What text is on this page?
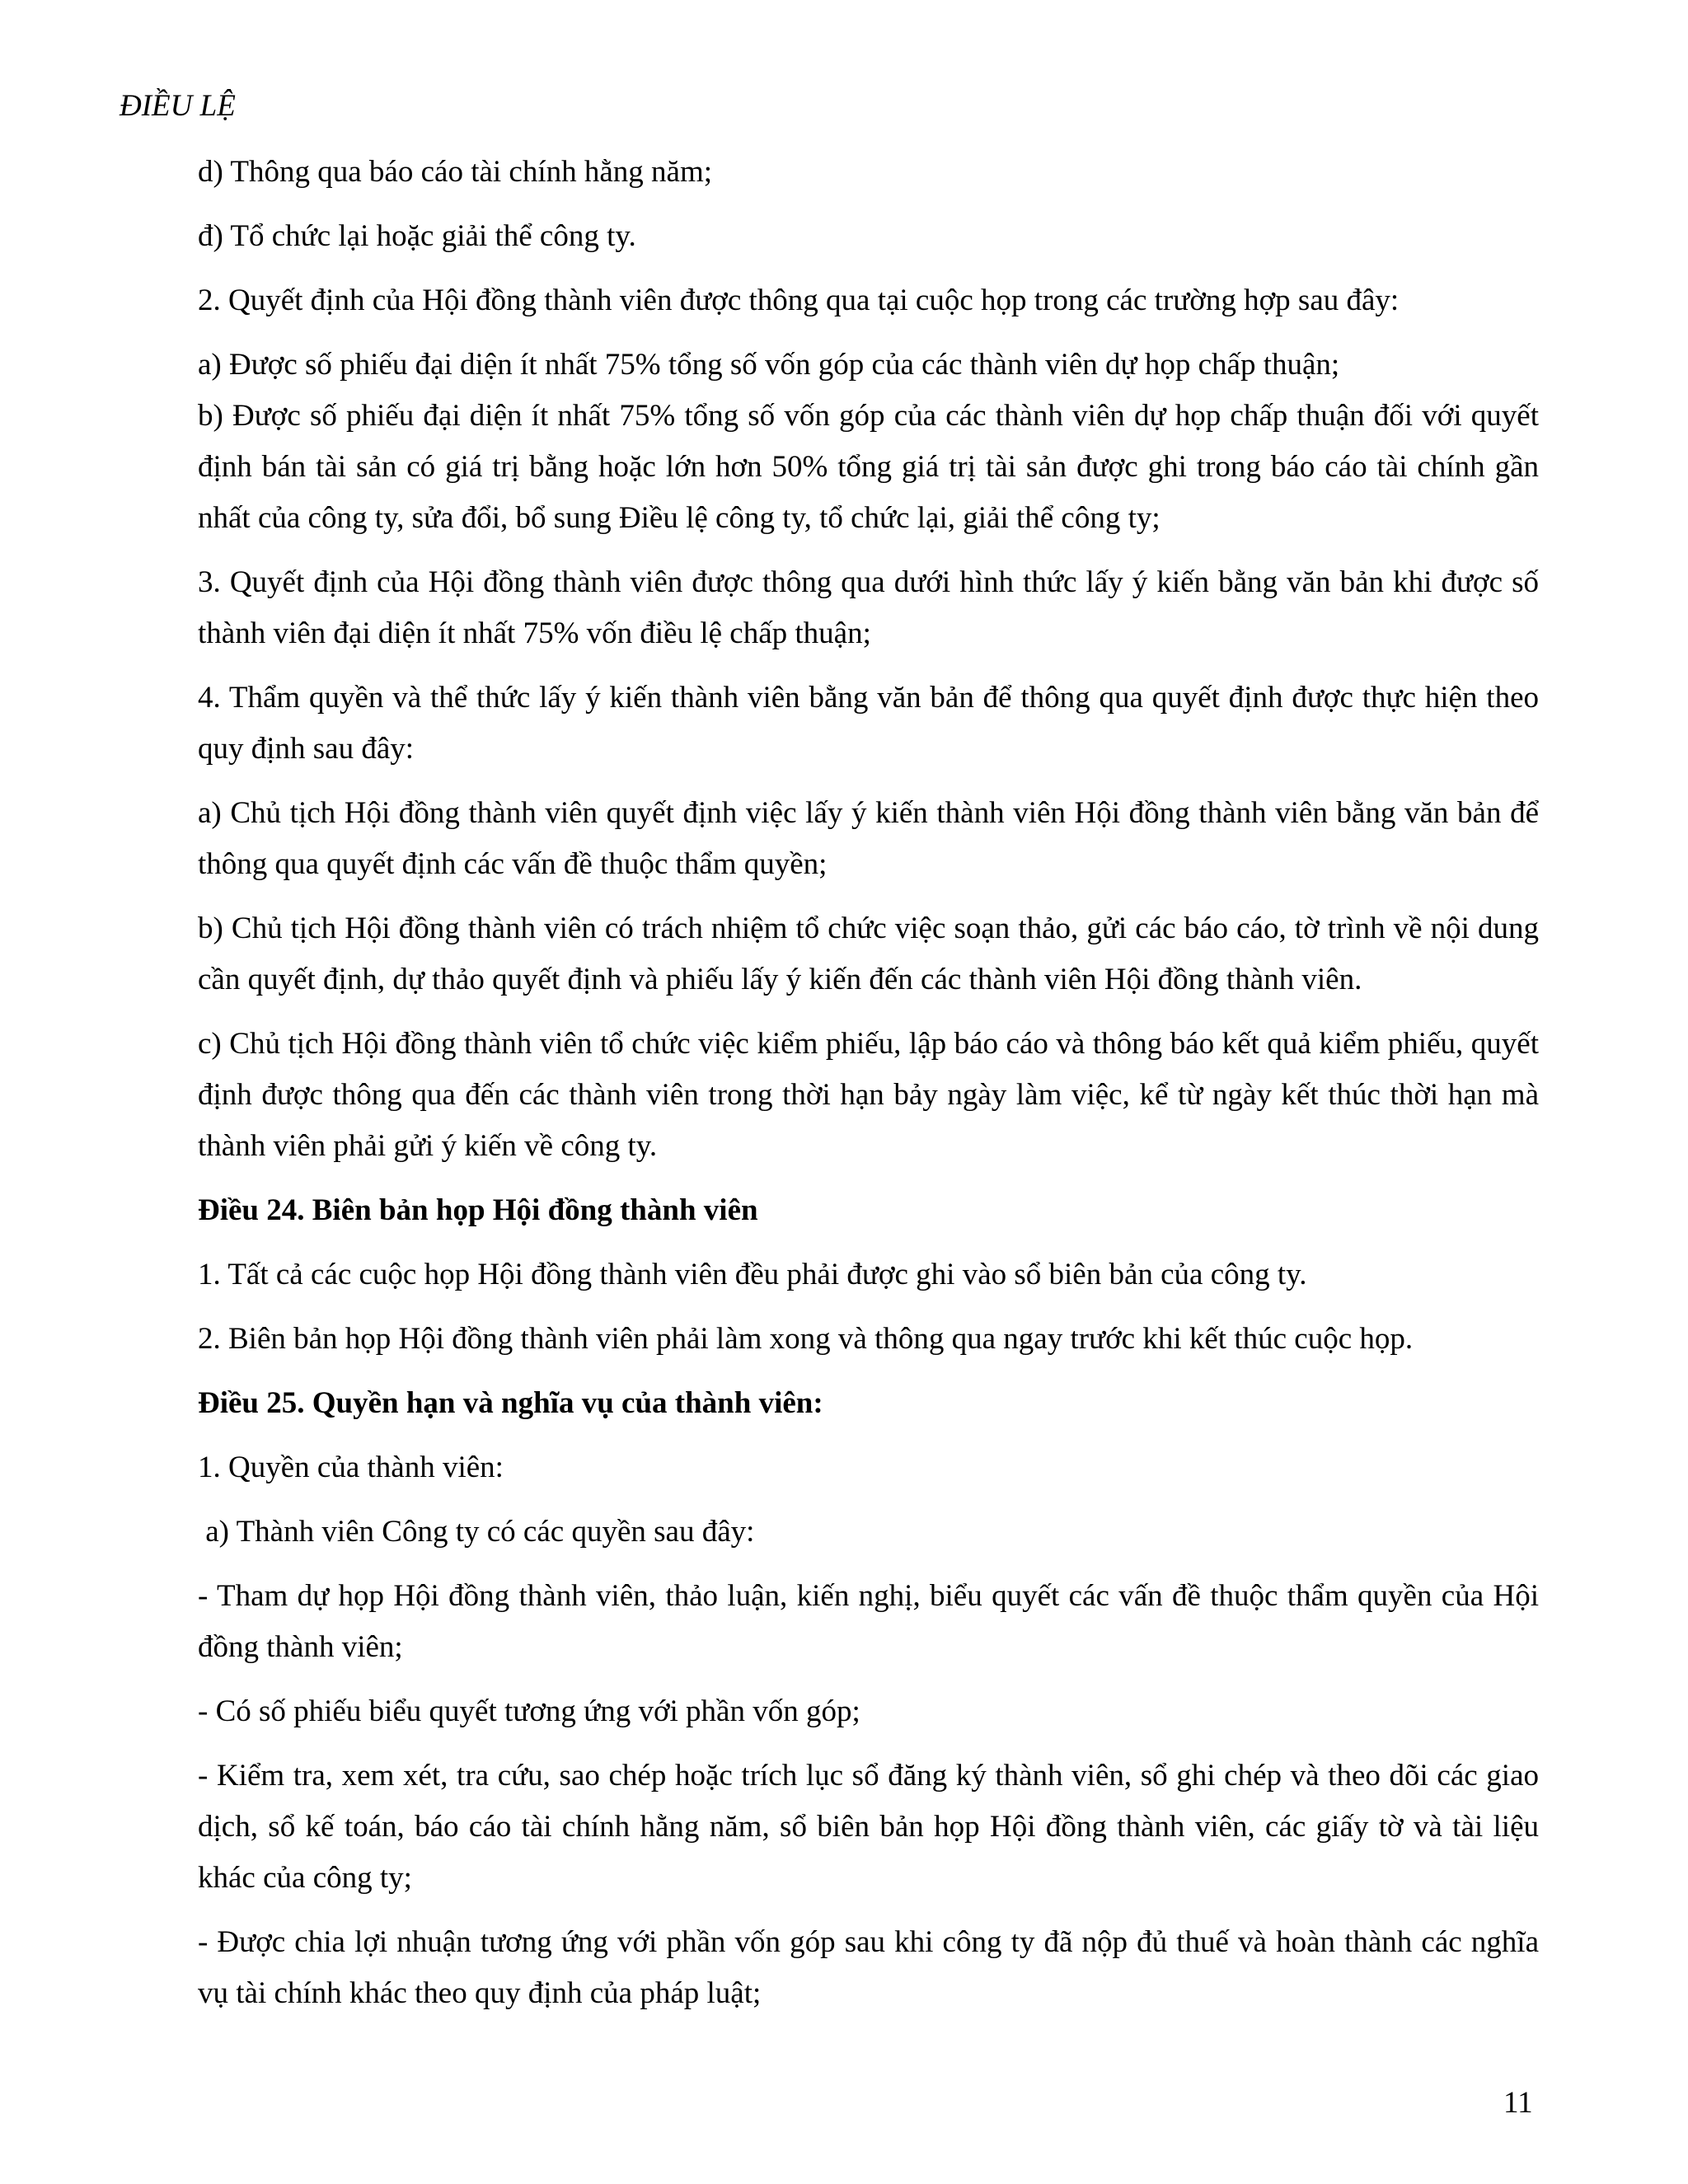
ĐIỀU LỆ

d) Thông qua báo cáo tài chính hằng năm;

đ) Tổ chức lại hoặc giải thể công ty.

2. Quyết định của Hội đồng thành viên được thông qua tại cuộc họp trong các trường hợp sau đây:

a) Được số phiếu đại diện ít nhất 75% tổng số vốn góp của các thành viên dự họp chấp thuận;

b) Được số phiếu đại diện ít nhất 75% tổng số vốn góp của các thành viên dự họp chấp thuận đối với quyết định bán tài sản có giá trị bằng hoặc lớn hơn 50% tổng giá trị tài sản được ghi trong báo cáo tài chính gần nhất của công ty, sửa đổi, bổ sung Điều lệ công ty, tổ chức lại, giải thể công ty;

3. Quyết định của Hội đồng thành viên được thông qua dưới hình thức lấy ý kiến bằng văn bản khi được số thành viên đại diện ít nhất 75% vốn điều lệ chấp thuận;

4. Thẩm quyền và thể thức lấy ý kiến thành viên bằng văn bản để thông qua quyết định được thực hiện theo quy định sau đây:

a) Chủ tịch Hội đồng thành viên quyết định việc lấy ý kiến thành viên Hội đồng thành viên bằng văn bản để thông qua quyết định các vấn đề thuộc thẩm quyền;

b) Chủ tịch Hội đồng thành viên có trách nhiệm tổ chức việc soạn thảo, gửi các báo cáo, tờ trình về nội dung cần quyết định, dự thảo quyết định và phiếu lấy ý kiến đến các thành viên Hội đồng thành viên.

c) Chủ tịch Hội đồng thành viên tổ chức việc kiểm phiếu, lập báo cáo và thông báo kết quả kiểm phiếu, quyết định được thông qua đến các thành viên trong thời hạn bảy ngày làm việc, kể từ ngày kết thúc thời hạn mà thành viên phải gửi ý kiến về công ty.

Điều 24. Biên bản họp Hội đồng thành viên

1. Tất cả các cuộc họp Hội đồng thành viên đều phải được ghi vào sổ biên bản của công ty.

2. Biên bản họp Hội đồng thành viên phải làm xong và thông qua ngay trước khi kết thúc cuộc họp.

Điều 25. Quyền hạn và nghĩa vụ của thành viên:

1. Quyền của thành viên:

a) Thành viên Công ty có các quyền sau đây:

- Tham dự họp Hội đồng thành viên, thảo luận, kiến nghị, biểu quyết các vấn đề thuộc thẩm quyền của Hội đồng thành viên;

- Có số phiếu biểu quyết tương ứng với phần vốn góp;

- Kiểm tra, xem xét, tra cứu, sao chép hoặc trích lục sổ đăng ký thành viên, sổ ghi chép và theo dõi các giao dịch, sổ kế toán, báo cáo tài chính hằng năm, sổ biên bản họp Hội đồng thành viên, các giấy tờ và tài liệu khác của công ty;

- Được chia lợi nhuận tương ứng với phần vốn góp sau khi công ty đã nộp đủ thuế và hoàn thành các nghĩa vụ tài chính khác theo quy định của pháp luật;

11
